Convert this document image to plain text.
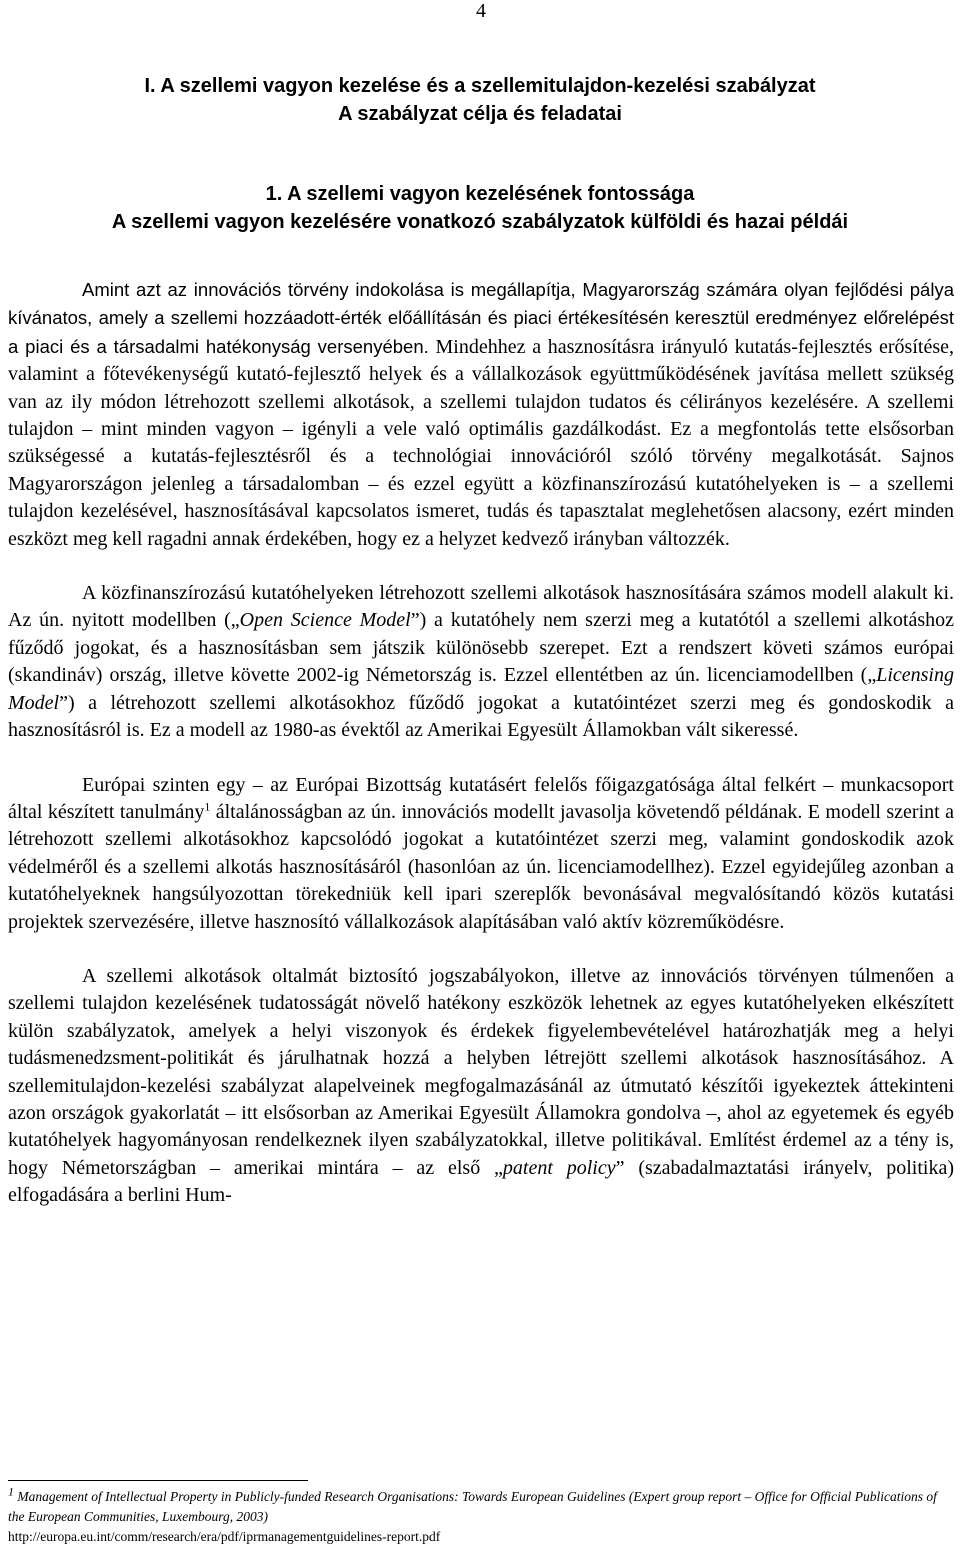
4
I. A szellemi vagyon kezelése és a szellemitulajdon-kezelési szabályzat
A szabályzat célja és feladatai
1. A szellemi vagyon kezelésének fontossága
A szellemi vagyon kezelésére vonatkozó szabályzatok külföldi és hazai példái

Amint azt az innovációs törvény indokolása is megállapítja, Magyarország számára olyan fejlődési pálya kívánatos, amely a szellemi hozzáadott-érték előállításán és piaci értékesítésén keresztül eredményez előrelépést a piaci és a társadalmi hatékonyság versenyében. Mindehhez a hasznosításra irányuló kutatás-fejlesztés erősítése, valamint a főtevékenységű kutató-fejlesztő helyek és a vállalkozások együttműködésének javítása mellett szükség van az ily módon létrehozott szellemi alkotások, a szellemi tulajdon tudatos és célirányos kezelésére. A szellemi tulajdon – mint minden vagyon – igényli a vele való optimális gazdálkodást. Ez a megfontolás tette elsősorban szükségessé a kutatás-fejlesztésről és a technológiai innovációról szóló törvény megalkotását. Sajnos Magyarországon jelenleg a társadalomban – és ezzel együtt a közfinanszírozású kutatóhelyeken is – a szellemi tulajdon kezelésével, hasznosításával kapcsolatos ismeret, tudás és tapasztalat meglehetősen alacsony, ezért minden eszközt meg kell ragadni annak érdekében, hogy ez a helyzet kedvező irányban változzék.

A közfinanszírozású kutatóhelyeken létrehozott szellemi alkotások hasznosítására számos modell alakult ki. Az ún. nyitott modellben („Open Science Model”) a kutatóhely nem szerzi meg a kutatótól a szellemi alkotáshoz fűződő jogokat, és a hasznosításban sem játszik különösebb szerepet. Ezt a rendszert követi számos európai (skandináv) ország, illetve követte 2002-ig Németország is. Ezzel ellentétben az ún. licenciamodellben („Licensing Model”) a létrehozott szellemi alkotásokhoz fűződő jogokat a kutatóintézet szerzi meg és gondoskodik a hasznosításról is. Ez a modell az 1980-as évektől az Amerikai Egyesült Államokban vált sikeressé.

Európai szinten egy – az Európai Bizottság kutatásért felelős főigazgatósága által felkért – munkacsoport által készített tanulmány$^1$ általánosságban az ún. innovációs modellt javasolja követendő példának. E modell szerint a létrehozott szellemi alkotásokhoz kapcsolódó jogokat a kutatóintézet szerzi meg, valamint gondoskodik azok védelméről és a szellemi alkotás hasznosításáról (hasonlóan az ún. licenciamodellhez). Ezzel egyidejűleg azonban a kutatóhelyeknek hangsúlyozottan törekedniük kell ipari szereplők bevonásával megvalósítandó közös kutatási projektek szervezésére, illetve hasznosító vállalkozások alapításában való aktív közreműködésre.

A szellemi alkotások oltalmát biztosító jogszabályokon, illetve az innovációs törvényen túlmenően a szellemi tulajdon kezelésének tudatosságát növelő hatékony eszközök lehetnek az egyes kutatóhelyeken elkészített külön szabályzatok, amelyek a helyi viszonyok és érdekek figyelembevételével határozhatják meg a helyi tudásmenedzsment-politikát és járulhatnak hozzá a helyben létrejött szellemi alkotások hasznosításához. A szellemitulajdon-kezelési szabályzat alapelveinek megfogalmazásánál az útmutató készítői igyekeztek áttekinteni azon országok gyakorlatát – itt elsősorban az Amerikai Egyesült Államokra gondolva –, ahol az egyetemek és egyéb kutatóhelyek hagyományosan rendelkeznek ilyen szabályzatokkal, illetve politikával. Említést érdemel az a tény is, hogy Németországban – amerikai mintára – az első „patent policy” (szabadalmaztatási irányelv, politika) elfogadására a berlini Hum-

$^1$ Management of Intellectual Property in Publicly-funded Research Organisations: Towards European Guidelines (Expert group report – Office for Official Publications of the European Communities, Luxembourg, 2003)
http://europa.eu.int/comm/research/era/pdf/iprmanagementguidelines-report.pdf
